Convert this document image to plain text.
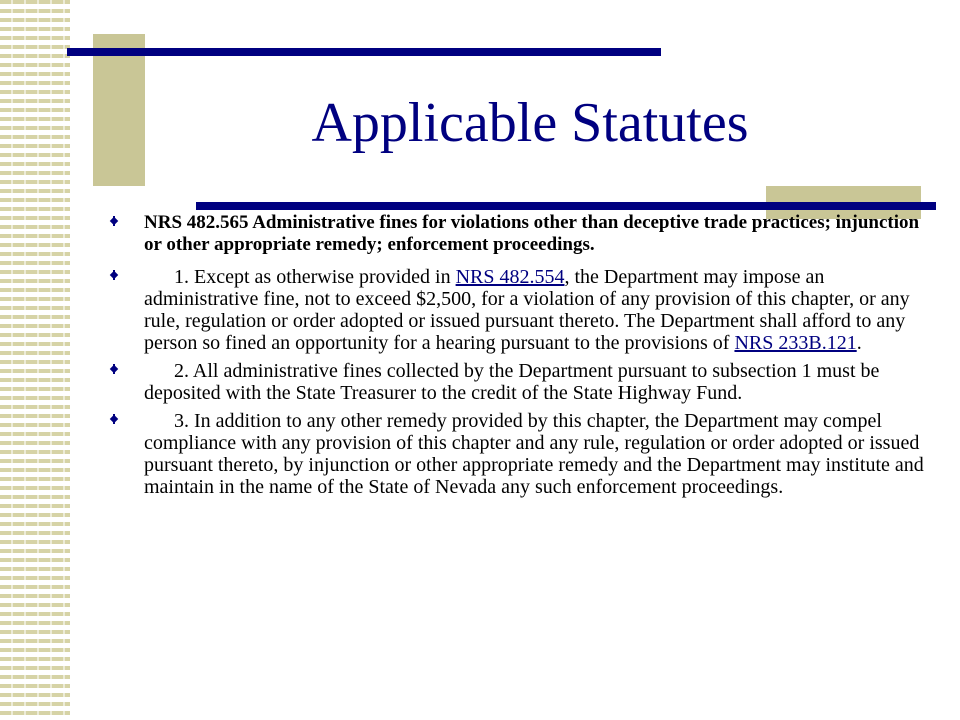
Applicable Statutes
NRS 482.565 Administrative fines for violations other than deceptive trade practices; injunction or other appropriate remedy; enforcement proceedings.
1. Except as otherwise provided in NRS 482.554, the Department may impose an administrative fine, not to exceed $2,500, for a violation of any provision of this chapter, or any rule, regulation or order adopted or issued pursuant thereto. The Department shall afford to any person so fined an opportunity for a hearing pursuant to the provisions of NRS 233B.121.
2. All administrative fines collected by the Department pursuant to subsection 1 must be deposited with the State Treasurer to the credit of the State Highway Fund.
3. In addition to any other remedy provided by this chapter, the Department may compel compliance with any provision of this chapter and any rule, regulation or order adopted or issued pursuant thereto, by injunction or other appropriate remedy and the Department may institute and maintain in the name of the State of Nevada any such enforcement proceedings.
